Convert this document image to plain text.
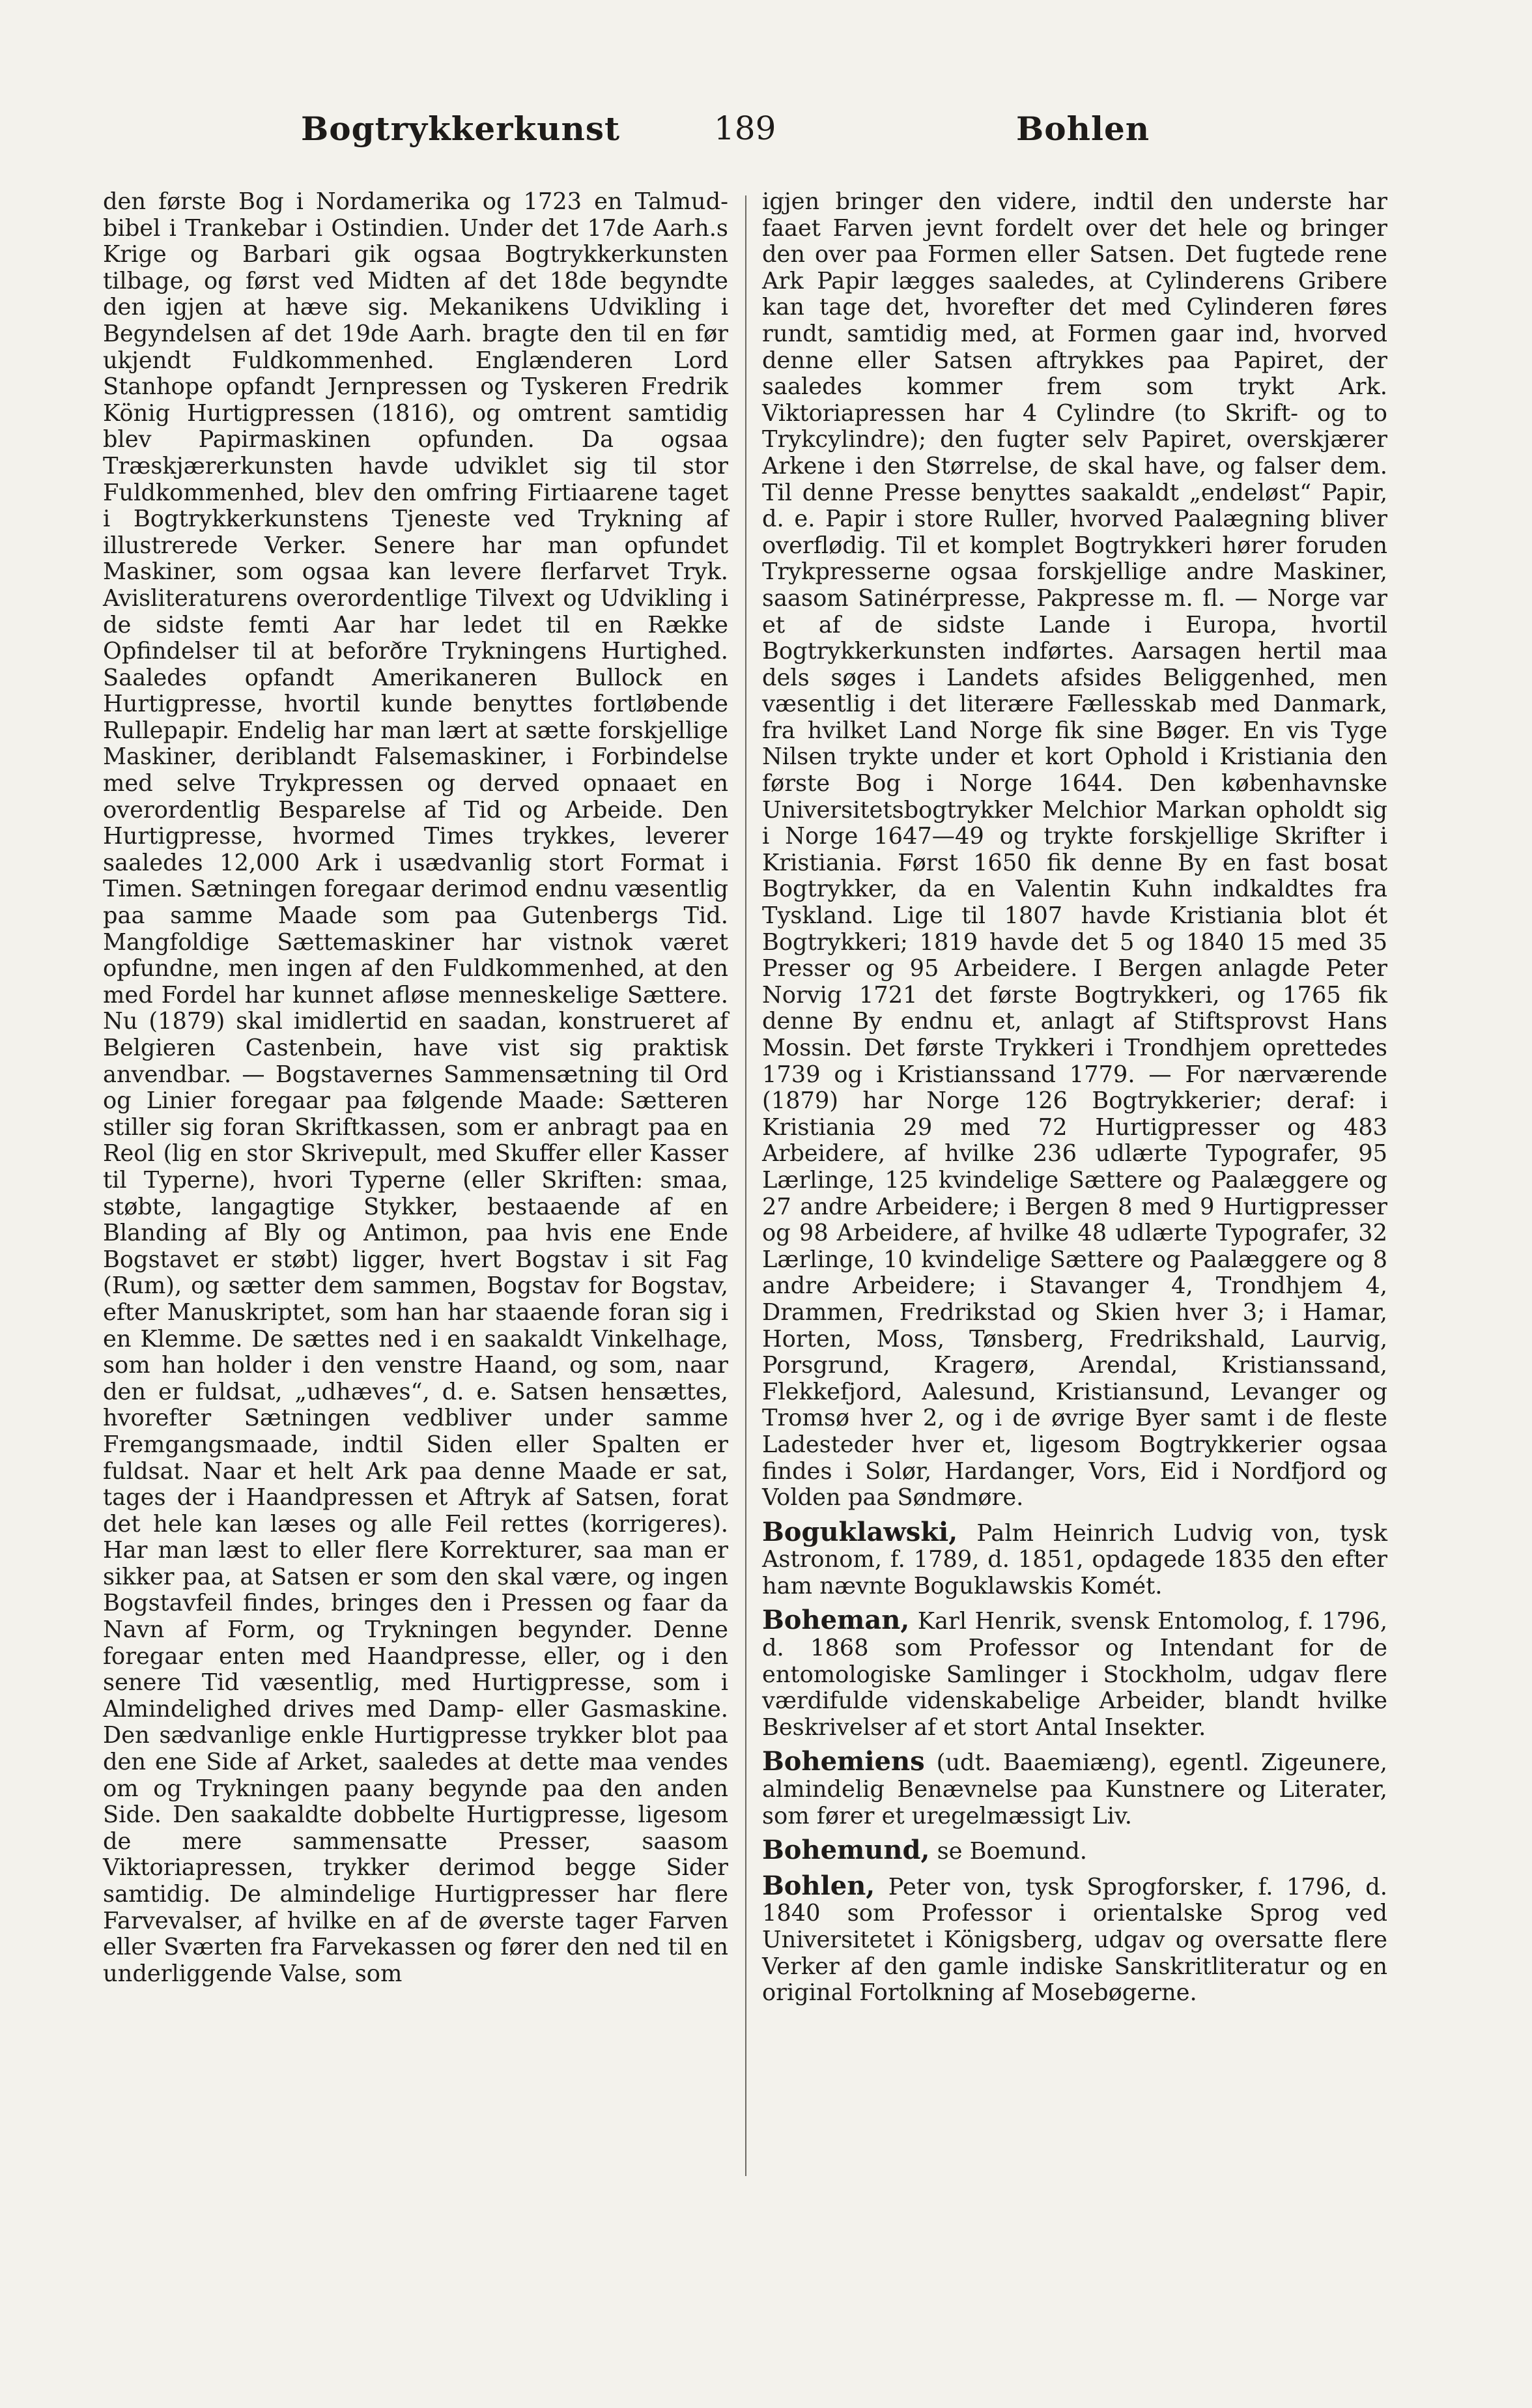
Bogtrykkerkunst	189	Bohlen

den første Bog i Nordamerika og 1723 en Talmud-bibel i Trankebar i Ostindien. Under det 17de Aarh.s Krige og Barbari gik ogsaa Bogtrykkerkunsten tilbage, og først ved Midten af det 18de begyndte den igjen at hæve sig. Mekanikens Udvikling i Begyndelsen af det 19de Aarh. bragte den til en før ukjendt Fuldkommenhed. Englænderen Lord Stanhope opfandt Jernpressen og Tyskeren Fredrik König Hurtigpressen (1816), og omtrent samtidig blev Papirmaskinen opfunden. Da ogsaa Træskjærerkunsten havde udviklet sig til stor Fuldkommenhed, blev den omfring Firtiaarene taget i Bogtrykkerkunstens Tjeneste ved Trykning af illustrerede Verker. Senere har man opfundet Maskiner, som ogsaa kan levere flerfarvet Tryk. Avisliteraturens overordentlige Tilvext og Udvikling i de sidste femti Aar har ledet til en Række Opfindelser til at beforðre Trykningens Hurtighed. Saaledes opfandt Amerikaneren Bullock en Hurtigpresse, hvortil kunde benyttes fortløbende Rullepapir. Endelig har man lært at sætte forskjellige Maskiner, deriblandt Falsemaskiner, i Forbindelse med selve Trykpressen og derved opnaaet en overordentlig Besparelse af Tid og Arbeide. Den Hurtigpresse, hvormed Times trykkes, leverer saaledes 12,000 Ark i usædvanlig stort Format i Timen. Sætningen foregaar derimod endnu væsentlig paa samme Maade som paa Gutenbergs Tid. Mangfoldige Sættemaskiner har vistnok været opfundne, men ingen af den Fuldkommenhed, at den med Fordel har kunnet afløse menneskelige Sættere. Nu (1879) skal imidlertid en saadan, konstrueret af Belgieren Castenbein, have vist sig praktisk anvendbar. — Bogstavernes Sammensætning til Ord og Linier foregaar paa følgende Maade: Sætteren stiller sig foran Skriftkassen, som er anbragt paa en Reol (lig en stor Skrivepult, med Skuffer eller Kasser til Typerne), hvori Typerne (eller Skriften: smaa, støbte, langagtige Stykker, bestaaende af en Blanding af Bly og Antimon, paa hvis ene Ende Bogstavet er støbt) ligger, hvert Bogstav i sit Fag (Rum), og sætter dem sammen, Bogstav for Bogstav, efter Manuskriptet, som han har staaende foran sig i en Klemme. De sættes ned i en saakaldt Vinkelhage, som han holder i den venstre Haand, og som, naar den er fuldsat, „udhæves“, d. e. Satsen hensættes, hvorefter Sætningen vedbliver under samme Fremgangsmaade, indtil Siden eller Spalten er fuldsat. Naar et helt Ark paa denne Maade er sat, tages der i Haandpressen et Aftryk af Satsen, forat det hele kan læses og alle Feil rettes (korrigeres). Har man læst to eller flere Korrekturer, saa man er sikker paa, at Satsen er som den skal være, og ingen Bogstavfeil findes, bringes den i Pressen og faar da Navn af Form, og Trykningen begynder. Denne foregaar enten med Haandpresse, eller, og i den senere Tid væsentlig, med Hurtigpresse, som i Almindelighed drives med Damp- eller Gasmaskine. Den sædvanlige enkle Hurtigpresse trykker blot paa den ene Side af Arket, saaledes at dette maa vendes om og Trykningen paany begynde paa den anden Side. Den saakaldte dobbelte Hurtigpresse, ligesom de mere sammensatte Presser, saasom Viktoriapressen, trykker derimod begge Sider samtidig. De almindelige Hurtigpresser har flere Farvevalser, af hvilke en af de øverste tager Farven eller Sværten fra Farvekassen og fører den ned til en underliggende Valse, som

igjen bringer den videre, indtil den underste har faaet Farven jevnt fordelt over det hele og bringer den over paa Formen eller Satsen. Det fugtede rene Ark Papir lægges saaledes, at Cylinderens Gribere kan tage det, hvorefter det med Cylinderen føres rundt, samtidig med, at Formen gaar ind, hvorved denne eller Satsen aftrykkes paa Papiret, der saaledes kommer frem som trykt Ark. Viktoriapressen har 4 Cylindre (to Skrift- og to Trykcylindre); den fugter selv Papiret, overskjærer Arkene i den Størrelse, de skal have, og falser dem. Til denne Presse benyttes saakaldt „endeløst“ Papir, d. e. Papir i store Ruller, hvorved Paalægning bliver overflødig. Til et komplet Bogtrykkeri hører foruden Trykpresserne ogsaa forskjellige andre Maskiner, saasom Satinérpresse, Pakpresse m. fl. — Norge var et af de sidste Lande i Europa, hvortil Bogtrykkerkunsten indførtes. Aarsagen hertil maa dels søges i Landets afsides Beliggenhed, men væsentlig i det literære Fællesskab med Danmark, fra hvilket Land Norge fik sine Bøger. En vis Tyge Nilsen trykte under et kort Ophold i Kristiania den første Bog i Norge 1644. Den københavnske Universitetsbogtrykker Melchior Markan opholdt sig i Norge 1647—49 og trykte forskjellige Skrifter i Kristiania. Først 1650 fik denne By en fast bosat Bogtrykker, da en Valentin Kuhn indkaldtes fra Tyskland. Lige til 1807 havde Kristiania blot ét Bogtrykkeri; 1819 havde det 5 og 1840 15 med 35 Presser og 95 Arbeidere. I Bergen anlagde Peter Norvig 1721 det første Bogtrykkeri, og 1765 fik denne By endnu et, anlagt af Stiftsprovst Hans Mossin. Det første Trykkeri i Trondhjem oprettedes 1739 og i Kristianssand 1779. — For nærværende (1879) har Norge 126 Bogtrykkerier; deraf: i Kristiania 29 med 72 Hurtigpresser og 483 Arbeidere, af hvilke 236 udlærte Typografer, 95 Lærlinge, 125 kvindelige Sættere og Paalæggere og 27 andre Arbeidere; i Bergen 8 med 9 Hurtigpresser og 98 Arbeidere, af hvilke 48 udlærte Typografer, 32 Lærlinge, 10 kvindelige Sættere og Paalæggere og 8 andre Arbeidere; i Stavanger 4, Trondhjem 4, Drammen, Fredrikstad og Skien hver 3; i Hamar, Horten, Moss, Tønsberg, Fredrikshald, Laurvig, Porsgrund, Kragerø, Arendal, Kristianssand, Flekkefjord, Aalesund, Kristiansund, Levanger og Tromsø hver 2, og i de øvrige Byer samt i de fleste Ladesteder hver et, ligesom Bogtrykkerier ogsaa findes i Solør, Hardanger, Vors, Eid i Nordfjord og Volden paa Søndmøre.

Boguklawski, Palm Heinrich Ludvig von, tysk Astronom, f. 1789, d. 1851, opdagede 1835 den efter ham nævnte Boguklawskis Komét.

Boheman, Karl Henrik, svensk Entomolog, f. 1796, d. 1868 som Professor og Intendant for de entomologiske Samlinger i Stockholm, udgav flere værdifulde videnskabelige Arbeider, blandt hvilke Beskrivelser af et stort Antal Insekter.

Bohemiens (udt. Baaemiæng), egentl. Zigeunere, almindelig Benævnelse paa Kunstnere og Literater, som fører et uregelmæssigt Liv.

Bohemund, se Boemund.

Bohlen, Peter von, tysk Sprogforsker, f. 1796, d. 1840 som Professor i orientalske Sprog ved Universitetet i Königsberg, udgav og oversatte flere Verker af den gamle indiske Sanskritliteratur og en original Fortolkning af Mosebøgerne.
